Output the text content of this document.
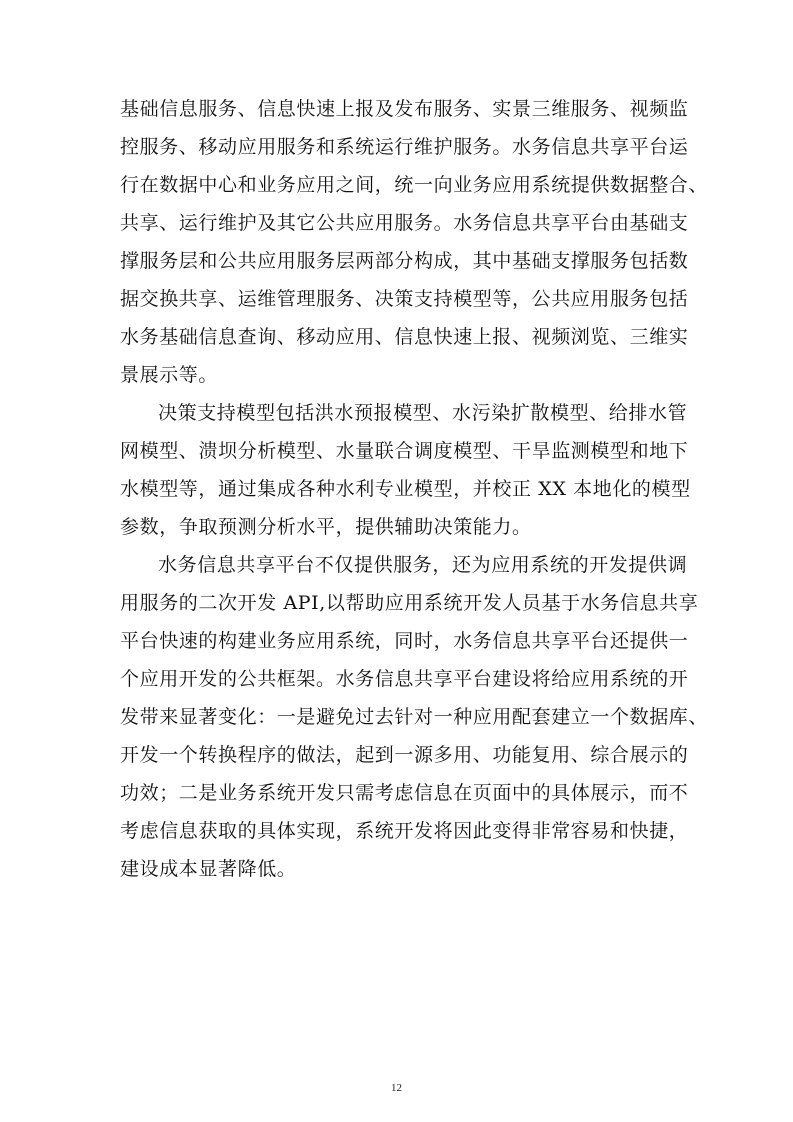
基础信息服务、信息快速上报及发布服务、实景三维服务、视频监
控服务、移动应用服务和系统运行维护服务。水务信息共享平台运
行在数据中心和业务应用之间，统一向业务应用系统提供数据整合、
共享、运行维护及其它公共应用服务。水务信息共享平台由基础支
撑服务层和公共应用服务层两部分构成，其中基础支撑服务包括数
据交换共享、运维管理服务、决策支持模型等，公共应用服务包括
水务基础信息查询、移动应用、信息快速上报、视频浏览、三维实
景展示等。

决策支持模型包括洪水预报模型、水污染扩散模型、给排水管
网模型、溃坝分析模型、水量联合调度模型、干旱监测模型和地下
水模型等，通过集成各种水利专业模型，并校正 XX 本地化的模型
参数，争取预测分析水平，提供辅助决策能力。

水务信息共享平台不仅提供服务，还为应用系统的开发提供调
用服务的二次开发 API,以帮助应用系统开发人员基于水务信息共享
平台快速的构建业务应用系统，同时，水务信息共享平台还提供一
个应用开发的公共框架。水务信息共享平台建设将给应用系统的开
发带来显著变化：一是避免过去针对一种应用配套建立一个数据库、
开发一个转换程序的做法，起到一源多用、功能复用、综合展示的
功效；二是业务系统开发只需考虑信息在页面中的具体展示，而不
考虑信息获取的具体实现，系统开发将因此变得非常容易和快捷，
建设成本显著降低。

12
